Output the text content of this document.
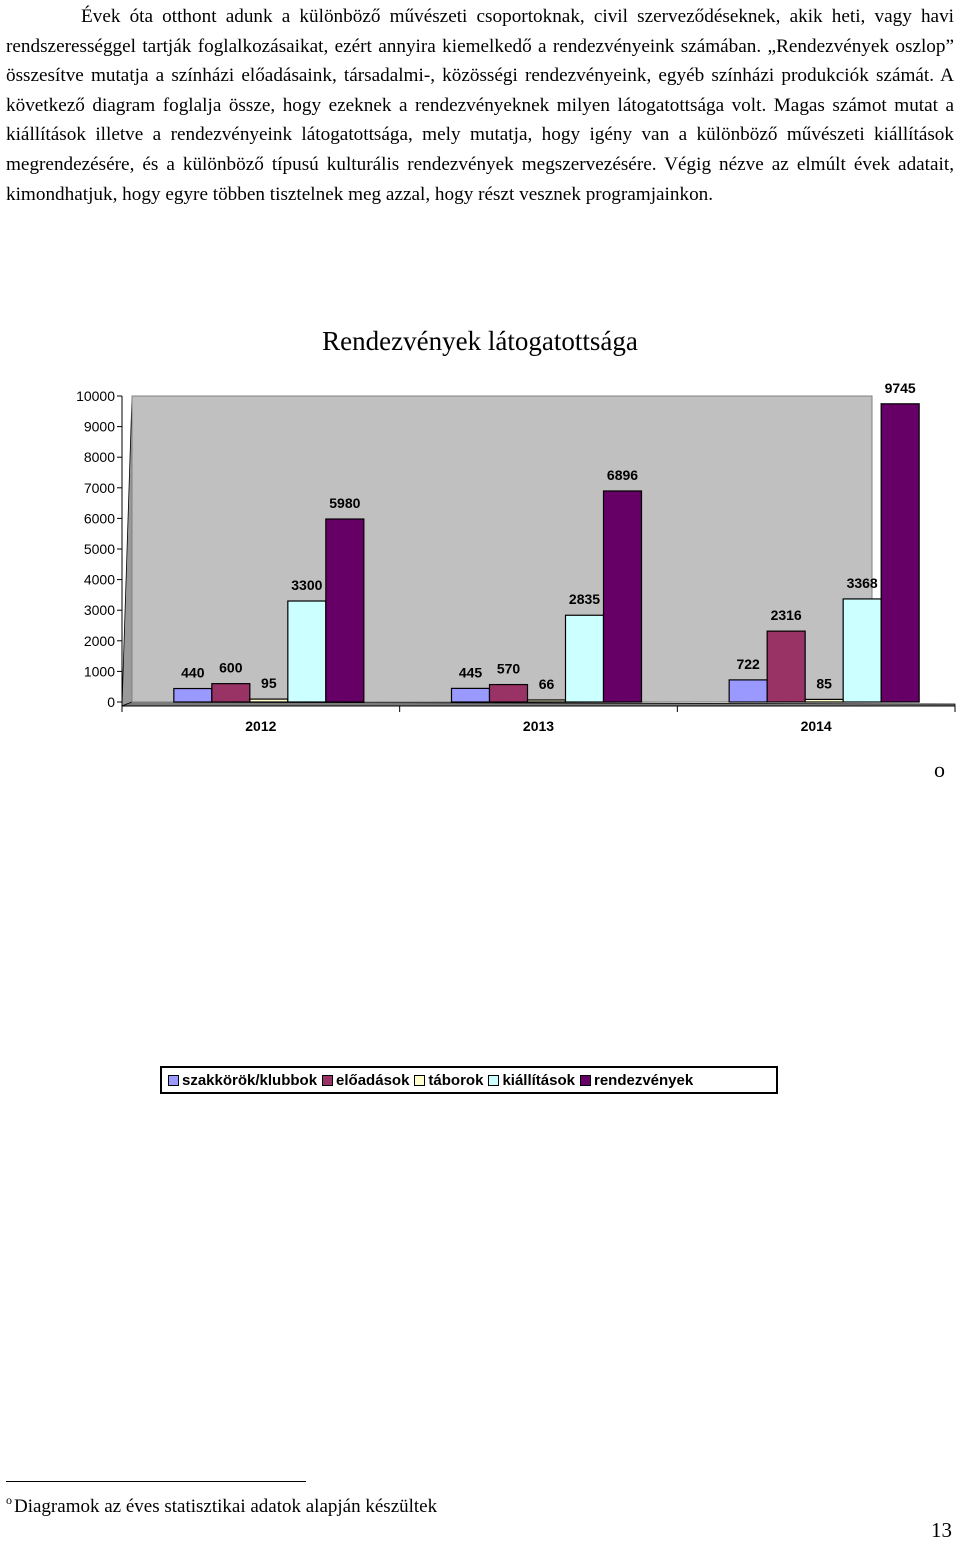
Évek óta otthont adunk a különböző művészeti csoportoknak, civil szerveződéseknek, akik heti, vagy havi rendszerességgel tartják foglalkozásaikat, ezért annyira kiemelkedő a rendezvényeink számában. „Rendezvények oszlop” összesítve mutatja a színházi előadásaink, társadalmi-, közösségi rendezvényeink, egyéb színházi produkciók számát. A következő diagram foglalja össze, hogy ezeknek a rendezvényeknek milyen látogatottsága volt. Magas számot mutat a kiállítások illetve a rendezvényeink látogatottsága, mely mutatja, hogy igény van a különböző művészeti kiállítások megrendezésére, és a különböző típusú kulturális rendezvények megszervezésére. Végig nézve az elmúlt évek adatait, kimondhatjuk, hogy egyre többen tisztelnek meg azzal, hogy részt vesznek programjainkon.

Rendezvények látogatottsága
0
1000
2000
3000
4000
5000
6000
7000
8000
9000
10000
2012	2013	2014
440 600
95
3300
5980
445 570
66
2835
6896
722
2316
85
3368
9745
szakkörök/klubbok előadások táborok kiállítások rendezvények
o
$^o$ Diagramok az éves statisztikai adatok alapján készültek
13
